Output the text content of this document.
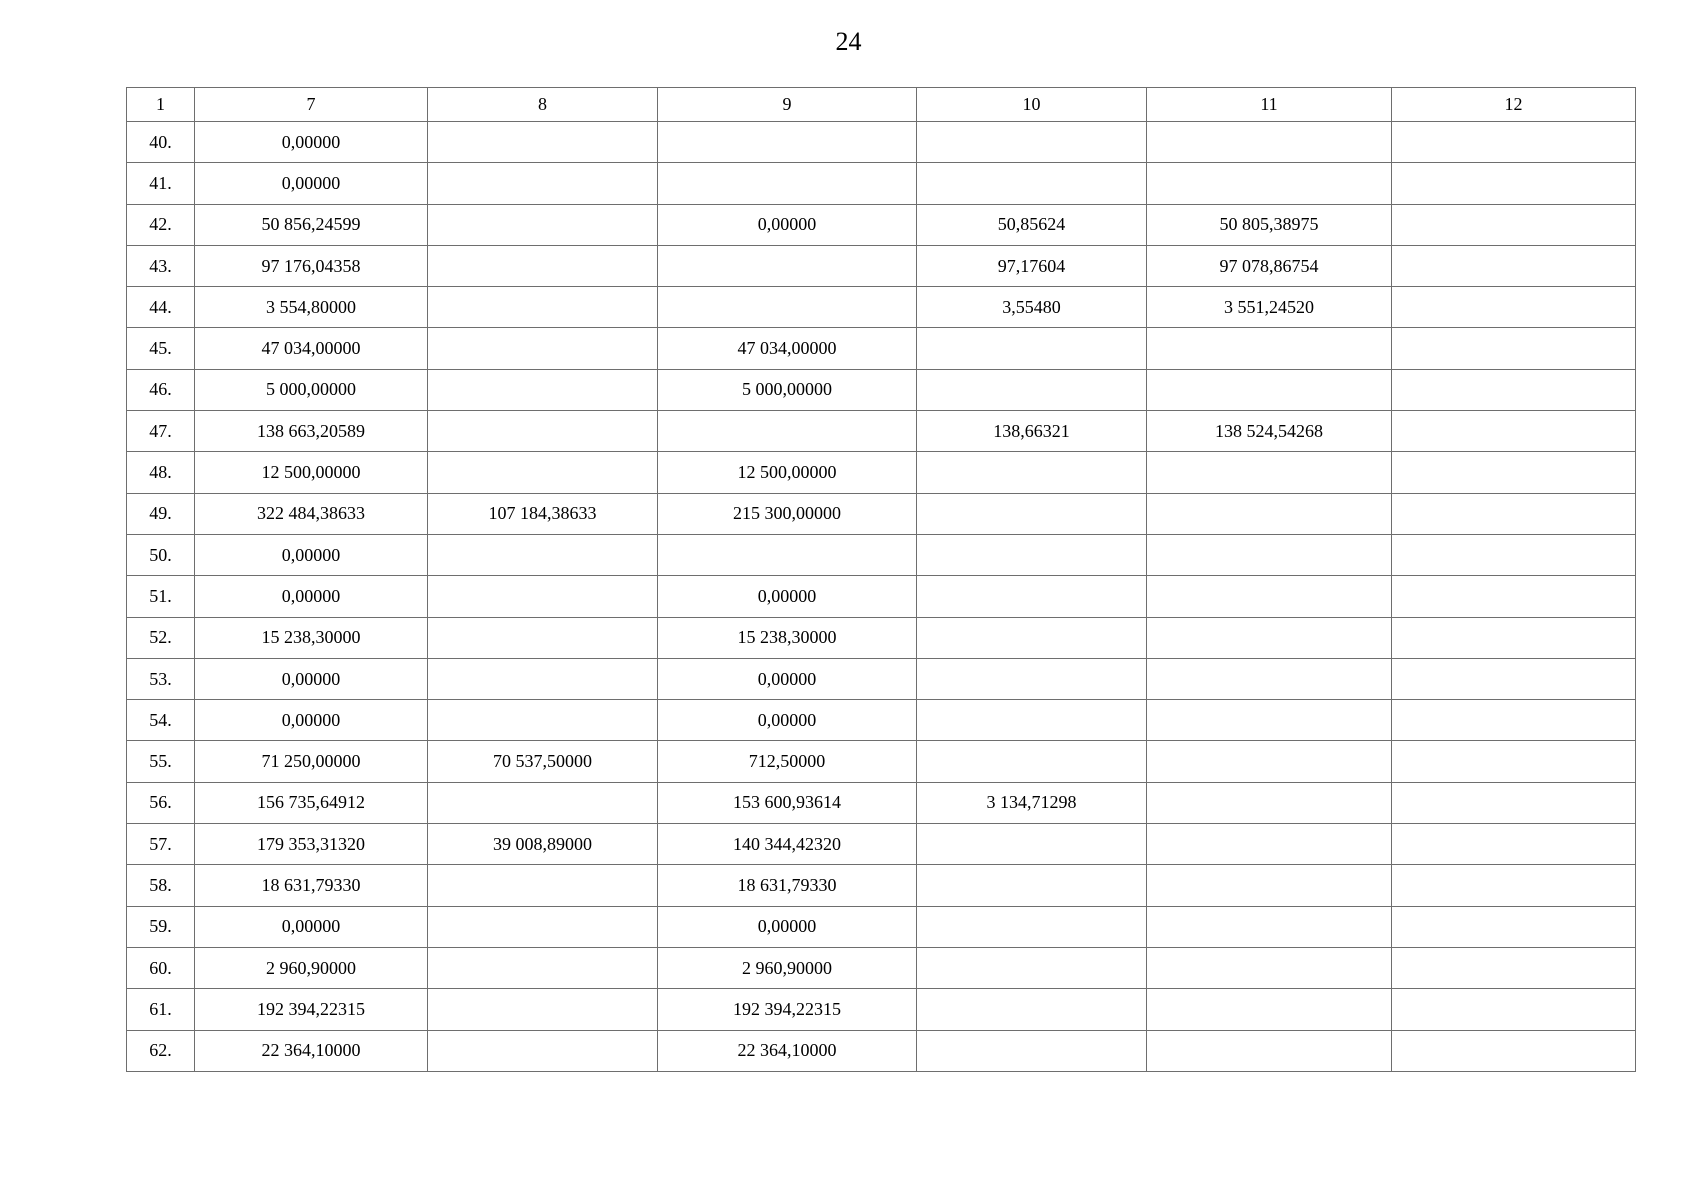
24
1	7	8	9	10	11	12
40.	0,00000					
41.	0,00000					
42.	50 856,24599		0,00000	50,85624	50 805,38975	
43.	97 176,04358			97,17604	97 078,86754	
44.	3 554,80000			3,55480	3 551,24520	
45.	47 034,00000		47 034,00000			
46.	5 000,00000		5 000,00000			
47.	138 663,20589			138,66321	138 524,54268	
48.	12 500,00000		12 500,00000			
49.	322 484,38633	107 184,38633	215 300,00000			
50.	0,00000					
51.	0,00000		0,00000			
52.	15 238,30000		15 238,30000			
53.	0,00000		0,00000			
54.	0,00000		0,00000			
55.	71 250,00000	70 537,50000	712,50000			
56.	156 735,64912		153 600,93614	3 134,71298		
57.	179 353,31320	39 008,89000	140 344,42320			
58.	18 631,79330		18 631,79330			
59.	0,00000		0,00000			
60.	2 960,90000		2 960,90000			
61.	192 394,22315		192 394,22315			
62.	22 364,10000		22 364,10000			
